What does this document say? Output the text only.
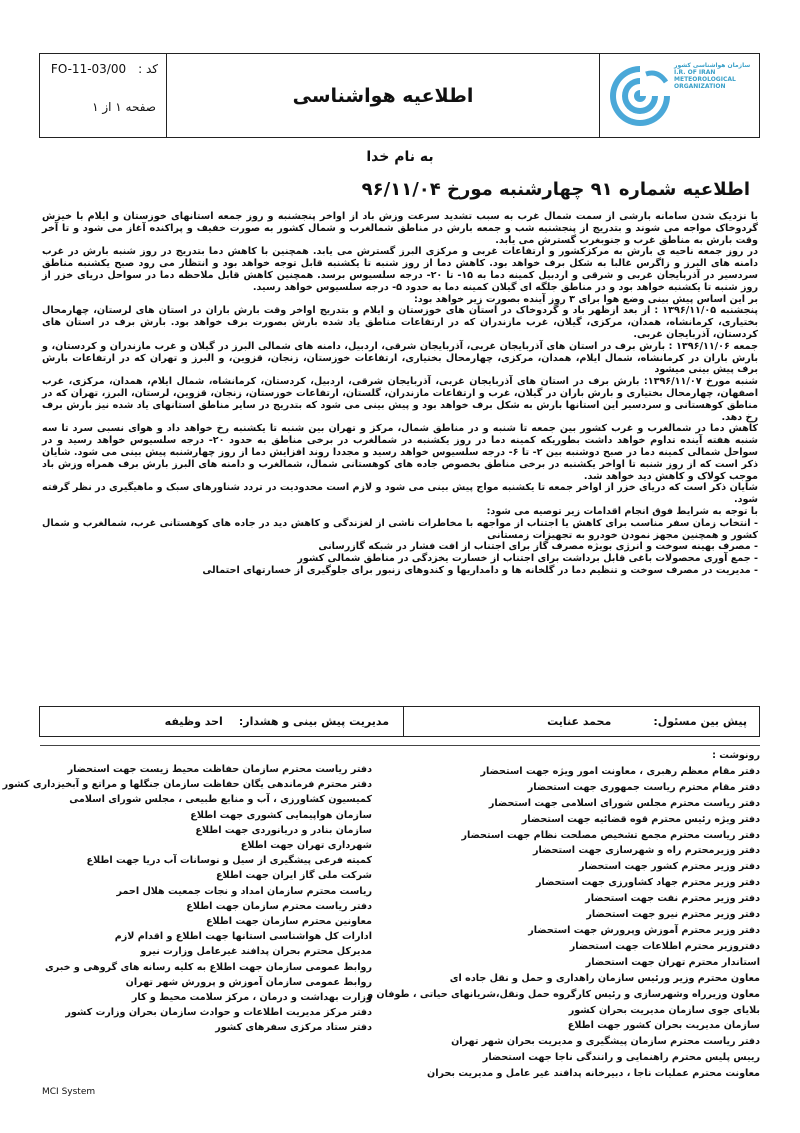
کد :
FO-11-03/00
صفحه ۱ از ۱
اطلاعیه هواشناسی
سازمان هواشناسی کشور I.R. OF IRAN METEOROLOGICAL ORGANIZATION
به نام خدا
اطلاعیه شماره ۹۱ چهارشنبه مورخ ۹۶/۱۱/۰۴

با نزدیک شدن سامانه بارشی از سمت شمال غرب به سبب تشدید سرعت وزش باد از اواخر پنجشنبه و روز جمعه استانهای خوزستان و ایلام با خیزش گردوخاک مواجه می شوند و بتدریج از پنجشنبه شب و جمعه بارش در مناطق شمالغرب و شمال کشور به صورت خفیف و پراکنده آغاز می شود و تا آخر وقت بارش به مناطق غرب و جنوبغرب گسترش می یابد.

در روز جمعه ناحیه ی بارش به مرکزکشور و ارتفاعات غربی و مرکزی البرز گسترش می یابد. همچنین با کاهش دما بتدریج در روز شنبه بارش در غرب دامنه های البرز و زاگرس غالبا به شکل برف خواهد بود. کاهش دما از روز شنبه تا یکشنبه قابل توجه خواهد بود و انتظار می رود صبح یکشنبه مناطق سردسیر در آذربایجان غربی و شرقی و اردبیل کمینه دما به ۱۵- تا ۲۰- درجه سلسیوس برسد. همچنین کاهش قابل ملاحظه دما در سواحل دریای خزر از روز شنبه تا یکشنبه خواهد بود و در مناطق جلگه ای گیلان کمینه دما به حدود ۵- درجه سلسیوس خواهد رسید.

بر این اساس پیش بینی وضع هوا برای ۳ روز آینده بصورت زیر خواهد بود:

پنجشنبه ۱۳۹۶/۱۱/۰۵ : از بعد ازظهر باد و گردوخاک در استان های خوزستان و ایلام و بتدریج اواخر وقت بارش باران در استان های لرستان، چهارمحال بختیاری، کرمانشاه، همدان، مرکزی، گیلان، غرب مازندران که در ارتفاعات مناطق یاد شده بارش بصورت برف خواهد بود. بارش برف در استان های کردستان، آذربایجان غربی.

جمعه ۱۳۹۶/۱۱/۰۶ : بارش برف در استان های آذربایجان غربی، آذربایجان شرقی، اردبیل، دامنه های شمالی البرز در گیلان و غرب مازندران و کردستان، و بارش باران در کرمانشاه، شمال ایلام، همدان، مرکزی، چهارمحال بختیاری، ارتفاعات خوزستان، زنجان، قزوین، و البرز و تهران که در ارتفاعات بارش برف پیش بینی میشود

شنبه مورخ ۱۳۹۶/۱۱/۰۷: بارش برف در استان های آذربایجان غربی، آذربایجان شرقی، اردبیل، کردستان، کرمانشاه، شمال ایلام، همدان، مرکزی، غرب اصفهان، چهارمحال بختیاری و بارش باران در گیلان، غرب و ارتفاعات مازندران، گلستان، ارتفاعات خوزستان، زنجان، قزوین، لرستان، البرز، تهران که در مناطق کوهستانی و سردسیر این استانها بارش به شکل برف خواهد بود و پیش بینی می شود که بتدریج در سایر مناطق استانهای یاد شده نیز بارش برف رخ دهد.

کاهش دما در شمالغرب و غرب کشور بین جمعه تا شنبه و در مناطق شمال، مرکز و تهران بین شنبه تا یکشنبه رخ خواهد داد و هوای نسبی سرد تا سه شنبه هفته آینده تداوم خواهد داشت بطوریکه کمینه دما در روز یکشنبه در شمالغرب در برخی مناطق به حدود ۲۰- درجه سلسیوس خواهد رسید و در سواحل شمالی کمینه دما در صبح دوشنبه بین ۲- تا ۶- درجه سلسیوس خواهد رسید و مجددا روند افزایش دما از روز چهارشنبه پیش بینی می شود. شایان ذکر است که از روز شنبه تا اواخر یکشنبه در برخی مناطق بخصوص جاده های کوهستانی شمال، شمالغرب و دامنه های البرز بارش برف همراه وزش باد موجب کولاک و کاهش دید خواهد شد.

شایان ذکر است که دریای خزر از اواخر جمعه تا یکشنبه مواج پیش بینی می شود و لازم است محدودیت در تردد شناورهای سبک و ماهیگیری در نظر گرفته شود.

با توجه به شرایط فوق انجام اقدامات زیر توصیه می شود:

- انتخاب زمان سفر مناسب برای کاهش یا اجتناب از مواجهه با مخاطرات ناشی از لغزندگی و کاهش دید در جاده های کوهستانی غرب، شمالغرب و شمال کشور و همچنین مجهز نمودن خودرو به تجهیزات زمستانی

- مصرف بهینه سوخت و انرژی بویژه مصرف گاز برای اجتناب از افت فشار در شبکه گازرسانی

- جمع آوری محصولات باغی قابل برداشت برای اجتناب از خسارت یخزدگی در مناطق شمالی کشور

- مدیریت در مصرف سوخت و تنظیم دما در گلخانه ها و دامداریها و کندوهای زنبور برای جلوگیری از خسارتهای احتمالی

پیش بین مسئول:
محمد عنایت
مدیریت پیش بینی و هشدار:
احد وظیفه
رونوشت :
دفتر مقام معظم رهبری ، معاونت امور ویژه جهت استحضار
دفتر مقام محترم ریاست جمهوری جهت استحضار
دفتر ریاست محترم مجلس شورای اسلامی جهت استحضار
دفتر ویژه رئیس محترم قوه قضائیه جهت استحضار
دفتر ریاست محترم مجمع تشخیص مصلحت نظام جهت استحضار
دفتر وزیرمحترم راه و شهرسازی جهت استحضار
دفتر وزیر محترم کشور جهت استحضار
دفتر وزیر محترم جهاد کشاورزی جهت استحضار
دفتر وزیر محترم نفت جهت استحضار
دفتر وزیر محترم نیرو جهت استحضار
دفتر وزیر محترم آموزش وپرورش جهت استحضار
دفتروزیر محترم اطلاعات جهت استحضار
استاندار محترم تهران جهت استحضار
معاون محترم وزیر ورئیس سازمان راهداری و حمل و نقل جاده ای
معاون وزیرراه وشهرسازی و رئیس کارگروه حمل ونقل،شریانهای حیاتی ، طوفان و
بلایای جوی سازمان مدیریت بحران کشور
سازمان مدیریت بحران کشور جهت اطلاع
دفتر ریاست محترم سازمان پیشگیری و مدیریت بحران شهر تهران
رییس پلیس محترم راهنمایی و رانندگی ناجا جهت استحضار
معاونت محترم عملیات ناجا ، دبیرخانه پدافند غیر عامل و مدیریت بحران
دفتر ریاست محترم سازمان حفاظت محیط زیست جهت استحضار
دفتر محترم فرماندهی یگان حفاظت سازمان جنگلها و مراتع و آبخیزداری کشور
کمیسیون کشاورزی ، آب و منابع طبیعی ، مجلس شورای اسلامی
سازمان هواپیمایی کشوری جهت اطلاع
سازمان بنادر و دریانوردی جهت اطلاع
شهرداری تهران جهت اطلاع
کمیته فرعی پیشگیری از سیل و نوسانات آب دریا جهت اطلاع
شرکت ملی گاز ایران جهت اطلاع
ریاست محترم سازمان امداد و نجات جمعیت هلال احمر
دفتر ریاست محترم سازمان جهت اطلاع
معاونین محترم سازمان جهت اطلاع
ادارات کل هواشناسی استانها جهت اطلاع و اقدام لازم
مدیرکل محترم بحران پدافند غیرعامل وزارت نیرو
روابط عمومی سازمان جهت اطلاع به کلیه رسانه های گروهی و خبری
روابط عمومی سازمان آموزش و پرورش شهر تهران
وزارت بهداشت و درمان ، مرکز سلامت محیط و کار
دفتر مرکز مدیریت اطلاعات و حوادث سازمان بحران وزارت کشور
دفتر ستاد مرکزی سفرهای کشور
MCI System
